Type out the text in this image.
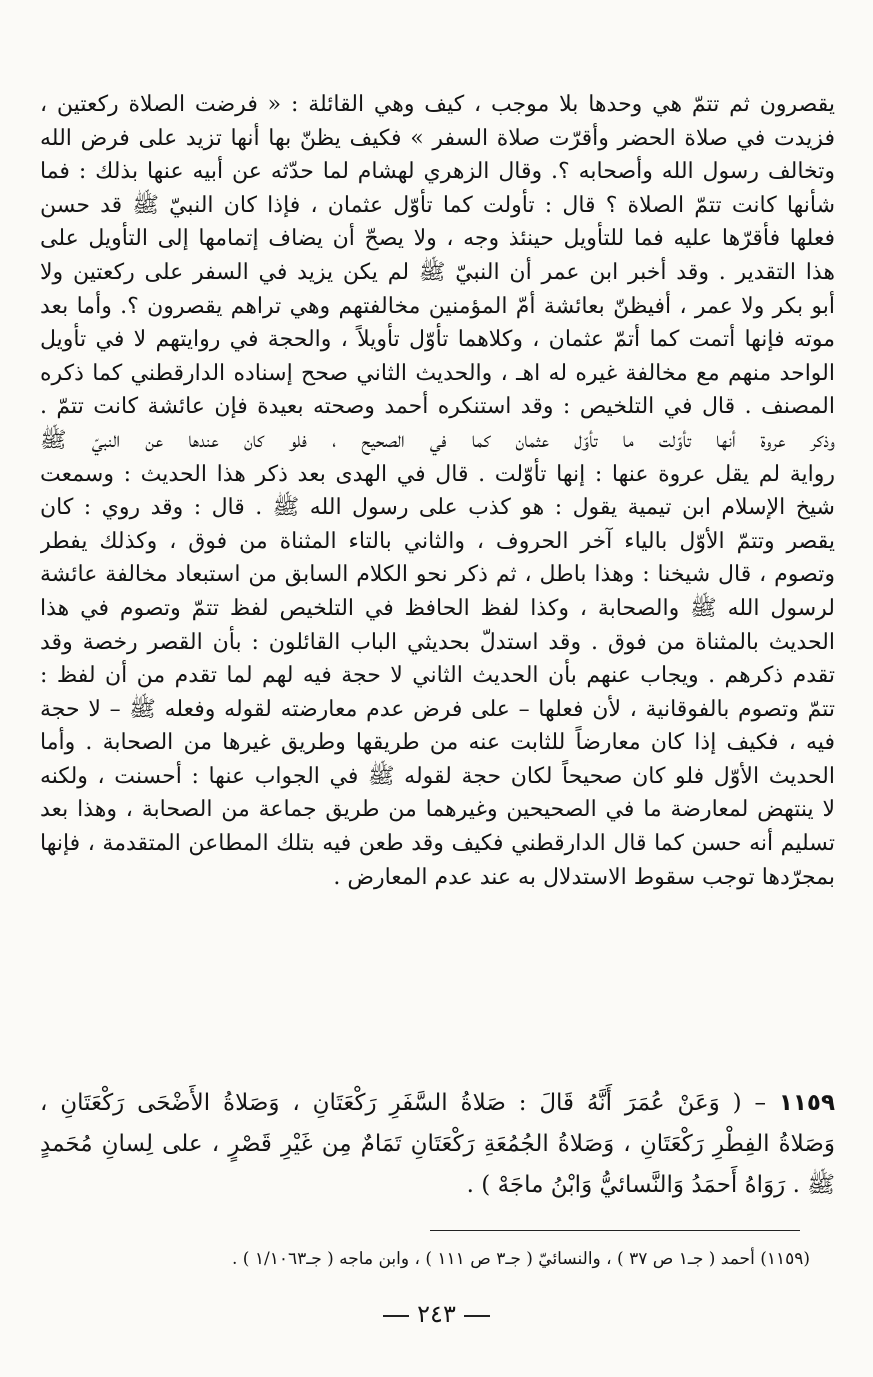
يقصرون ثم تتمّ هي وحدها بلا موجب ، كيف وهي القائلة : « فرضت الصلاة ركعتين ،
فزيدت في صلاة الحضر وأقرّت صلاة السفر » فكيف يظنّ بها أنها تزيد على فرض الله
وتخالف رسول الله وأصحابه ؟. وقال الزهري لهشام لما حدّثه عن أبيه عنها بذلك : فما
شأنها كانت تتمّ الصلاة ؟ قال : تأولت كما تأوّل عثمان ، فإذا كان النبيّ ﷺ قد حسن
فعلها فأقرّها عليه فما للتأويل حينئذ وجه ، ولا يصحّ أن يضاف إتمامها إلى التأويل على
هذا التقدير . وقد أخبر ابن عمر أن النبيّ ﷺ لم يكن يزيد في السفر على ركعتين ولا
أبو بكر ولا عمر ، أفيظنّ بعائشة أمّ المؤمنين مخالفتهم وهي تراهم يقصرون ؟. وأما بعد
موته فإنها أتمت كما أتمّ عثمان ، وكلاهما تأوّل تأويلاً ، والحجة في روايتهم لا في تأويل
الواحد منهم مع مخالفة غيره له اهـ ، والحديث الثاني صحح إسناده الدارقطني كما ذكره
المصنف . قال في التلخيص : وقد استنكره أحمد وصحته بعيدة فإن عائشة كانت تتمّ .
وذكر عروة أنها تأوّلت ما تأوّل عثمان كما في الصحيح ، فلو كان عندها عن النبيّ ﷺ
رواية لم يقل عروة عنها : إنها تأوّلت . قال في الهدى بعد ذكر هذا الحديث : وسمعت
شيخ الإسلام ابن تيمية يقول : هو كذب على رسول الله ﷺ . قال : وقد روي : كان
يقصر وتتمّ الأوّل بالياء آخر الحروف ، والثاني بالتاء المثناة من فوق ، وكذلك يفطر
وتصوم ، قال شيخنا : وهذا باطل ، ثم ذكر نحو الكلام السابق من استبعاد مخالفة عائشة
لرسول الله ﷺ والصحابة ، وكذا لفظ الحافظ في التلخيص لفظ تتمّ وتصوم في هذا
الحديث بالمثناة من فوق . وقد استدلّ بحديثي الباب القائلون : بأن القصر رخصة وقد
تقدم ذكرهم . ويجاب عنهم بأن الحديث الثاني لا حجة فيه لهم لما تقدم من أن لفظ :
تتمّ وتصوم بالفوقانية ، لأن فعلها – على فرض عدم معارضته لقوله وفعله ﷺ – لا حجة
فيه ، فكيف إذا كان معارضاً للثابت عنه من طريقها وطريق غيرها من الصحابة . وأما
الحديث الأوّل فلو كان صحيحاً لكان حجة لقوله ﷺ في الجواب عنها : أحسنت ، ولكنه
لا ينتهض لمعارضة ما في الصحيحين وغيرهما من طريق جماعة من الصحابة ، وهذا بعد
تسليم أنه حسن كما قال الدارقطني فكيف وقد طعن فيه بتلك المطاعن المتقدمة ، فإنها
بمجرّدها توجب سقوط الاستدلال به عند عدم المعارض .
١١٥٩ – ( وَعَنْ عُمَرَ أَنَّهُ قَالَ : صَلاةُ السَّفَرِ رَكْعَتَانِ ، وَصَلاةُ الأَضْحَى رَكْعَتَانِ ،
وَصَلاةُ الفِطْرِ رَكْعَتَانِ ، وَصَلاةُ الجُمُعَةِ رَكْعَتَانِ تَمَامٌ مِن غَيْرِ قَصْرٍ ، على لِسانِ مُحَمدٍ
ﷺ . رَوَاهُ أَحمَدُ وَالنَّسائيُّ وَابْنُ ماجَهْ ) .
(١١٥٩) أحمد ( جـ١ ص ٣٧ ) ، والنسائيّ ( جـ٣ ص ١١١ ) ، وابن ماجه ( جـ١/١٠٦٣ ) .
٢٤٣
